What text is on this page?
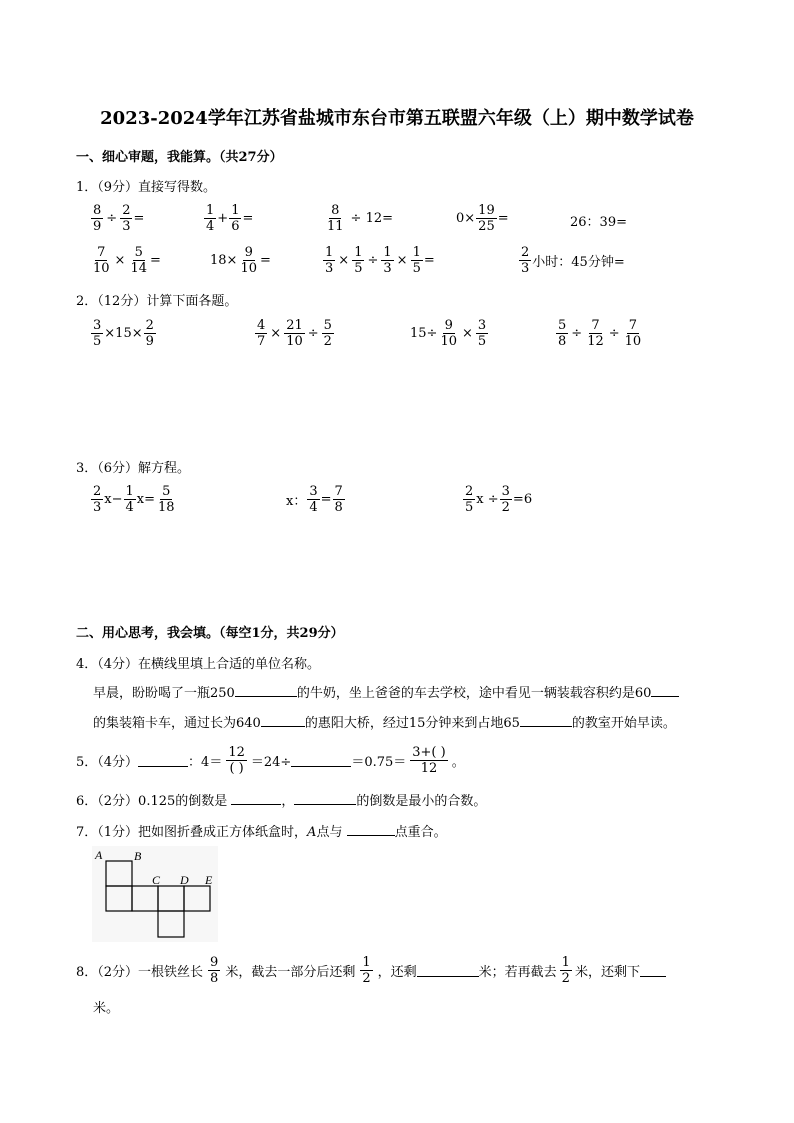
2023-2024学年江苏省盐城市东台市第五联盟六年级（上）期中数学试卷
一、细心审题，我能算。（共27分）
1．（9分）直接写得数。
$\frac{8}{9} \div \frac{2}{3}$ =	$\frac{1}{4} + \frac{1}{6}$ =	$\frac{8}{11} \div 12=$	$0\times \frac{19}{25}$ =	26：39=
$\frac{7}{10} \times \frac{5}{14}$ =	$18\times \frac{9}{10}$ =	$\frac{1}{3} \times \frac{1}{5} \div \frac{1}{3} \times \frac{1}{5}$ =	$\frac{2}{3}$ 小时：45分钟=
2．（12分）计算下面各题。
$\frac{3}{5} \times 15\times \frac{2}{9}$	$\frac{4}{7} \times \frac{21}{10} \div \frac{5}{2}$	$15\div \frac{9}{10} \times \frac{3}{5}$	$\frac{5}{8} \div \frac{7}{12} \div \frac{7}{10}$
3．（6分）解方程。
$\frac{2}{3} x- \frac{1}{4} x= \frac{5}{18}$	x： $\frac{3}{4} = \frac{7}{8}$	$\frac{2}{5}$ $x \div \frac{3}{2} =6$
二、用心思考，我会填。（每空1分，共29分）
4．（4分）在横线里填上合适的单位名称。
早晨，盼盼喝了一瓶250	的牛奶，坐上爸爸的车去学校，途中看见一辆装载容积约是60
的集装箱卡车，通过长为640	的惠阳大桥，经过15分钟来到占地65	的教室开始早读。
5．（4分）	：$4= \frac{12}{( )} =24\div$	$=0.75= \frac{3+( )}{12}$ 。
6．（2分）0.125的倒数是	，	的倒数是最小的合数。
7．（1分）把如图折叠成正方体纸盒时，A点与	点重合。
A	B
C D E
8．（2分）一根铁丝长 $\frac{9}{8}$ 米，截去一部分后还剩 $\frac{1}{2}$ ，还剩	米；若再截去 $\frac{1}{2}$ 米，还剩下
米。
